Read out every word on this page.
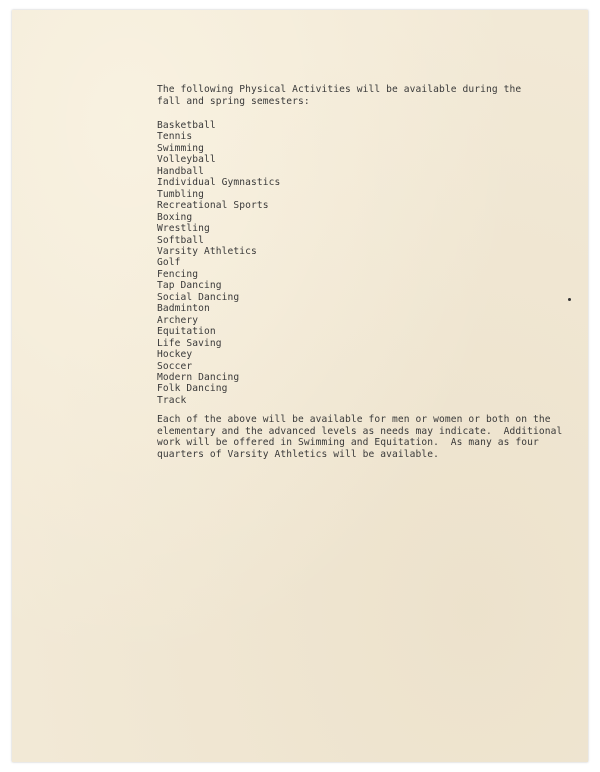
The following Physical Activities will be available during the
fall and spring semesters:
Basketball
Tennis
Swimming
Volleyball
Handball
Individual Gymnastics
Tumbling
Recreational Sports
Boxing
Wrestling
Softball
Varsity Athletics
Golf
Fencing
Tap Dancing
Social Dancing
Badminton
Archery
Equitation
Life Saving
Hockey
Soccer
Modern Dancing
Folk Dancing
Track
Each of the above will be available for men or women or both on the
elementary and the advanced levels as needs may indicate.  Additional
work will be offered in Swimming and Equitation.  As many as four
quarters of Varsity Athletics will be available.
